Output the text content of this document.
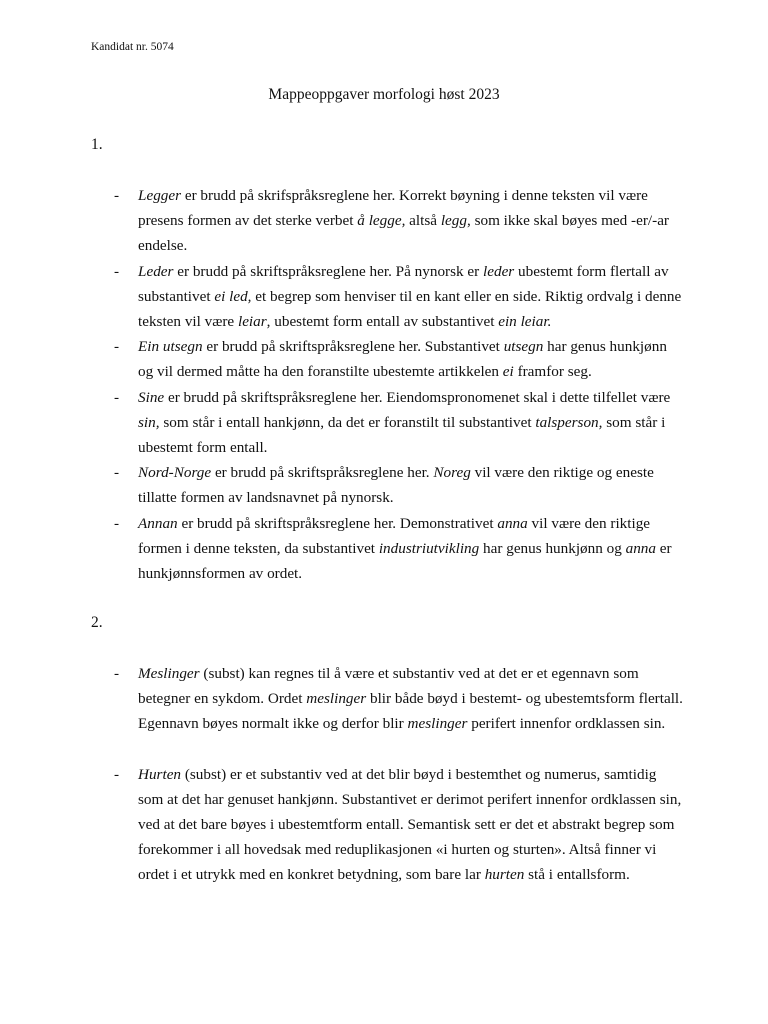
Kandidat nr. 5074
Mappeoppgaver morfologi høst 2023
1.
- Legger er brudd på skrifspråksreglene her. Korrekt bøyning i denne teksten vil være presens formen av det sterke verbet å legge, altså legg, som ikke skal bøyes med -er/-ar endelse.
- Leder er brudd på skriftspråksreglene her. På nynorsk er leder ubestemt form flertall av substantivet ei led, et begrep som henviser til en kant eller en side. Riktig ordvalg i denne teksten vil være leiar, ubestemt form entall av substantivet ein leiar.
- Ein utsegn er brudd på skriftspråksreglene her. Substantivet utsegn har genus hunkjønn og vil dermed måtte ha den foranstilte ubestemte artikkelen ei framfor seg.
- Sine er brudd på skriftspråksreglene her. Eiendomspronomenet skal i dette tilfellet være sin, som står i entall hankjønn, da det er foranstilt til substantivet talsperson, som står i ubestemt form entall.
- Nord-Norge er brudd på skriftspråksreglene her. Noreg vil være den riktige og eneste tillatte formen av landsnavnet på nynorsk.
- Annan er brudd på skriftspråksreglene her. Demonstrativet anna vil være den riktige formen i denne teksten, da substantivet industriutvikling har genus hunkjønn og anna er hunkjønnsformen av ordet.
2.
- Meslinger (subst) kan regnes til å være et substantiv ved at det er et egennavn som betegner en sykdom. Ordet meslinger blir både bøyd i bestemt- og ubestemtsform flertall. Egennavn bøyes normalt ikke og derfor blir meslinger perifert innenfor ordklassen sin.
- Hurten (subst) er et substantiv ved at det blir bøyd i bestemthet og numerus, samtidig som at det har genuset hankjønn. Substantivet er derimot perifert innenfor ordklassen sin, ved at det bare bøyes i ubestemtform entall. Semantisk sett er det et abstrakt begrep som forekommer i all hovedsak med reduplikasjonen «i hurten og sturten». Altså finner vi ordet i et utrykk med en konkret betydning, som bare lar hurten stå i entallsform.
